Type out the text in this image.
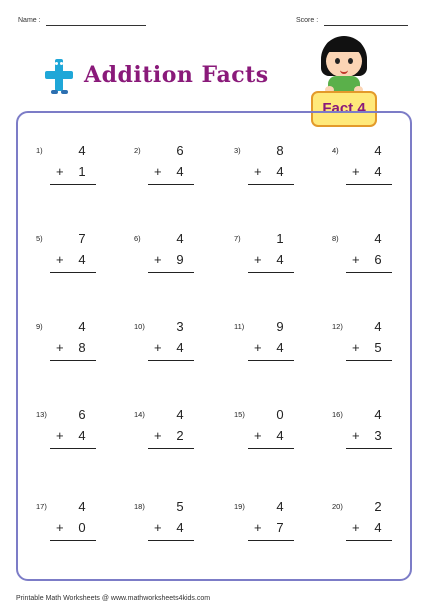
Name :	Score :
Addition Facts
Fact 4
1)	4
+	1
2)	6
+	4
3)	8
+	4
4)	4
+	4
5)	7
+	4
6)	4
+	9
7)	1
+	4
8)	4
+	6
9)	4
+	8
10)	3
+	4
11)	9
+	4
12)	4
+	5
13)	6
+	4
14)	4
+	2
15)	0
+	4
16)	4
+	3
17)	4
+	0
18)	5
+	4
19)	4
+	7
20)	2
+	4
Printable Math Worksheets @ www.mathworksheets4kids.com
